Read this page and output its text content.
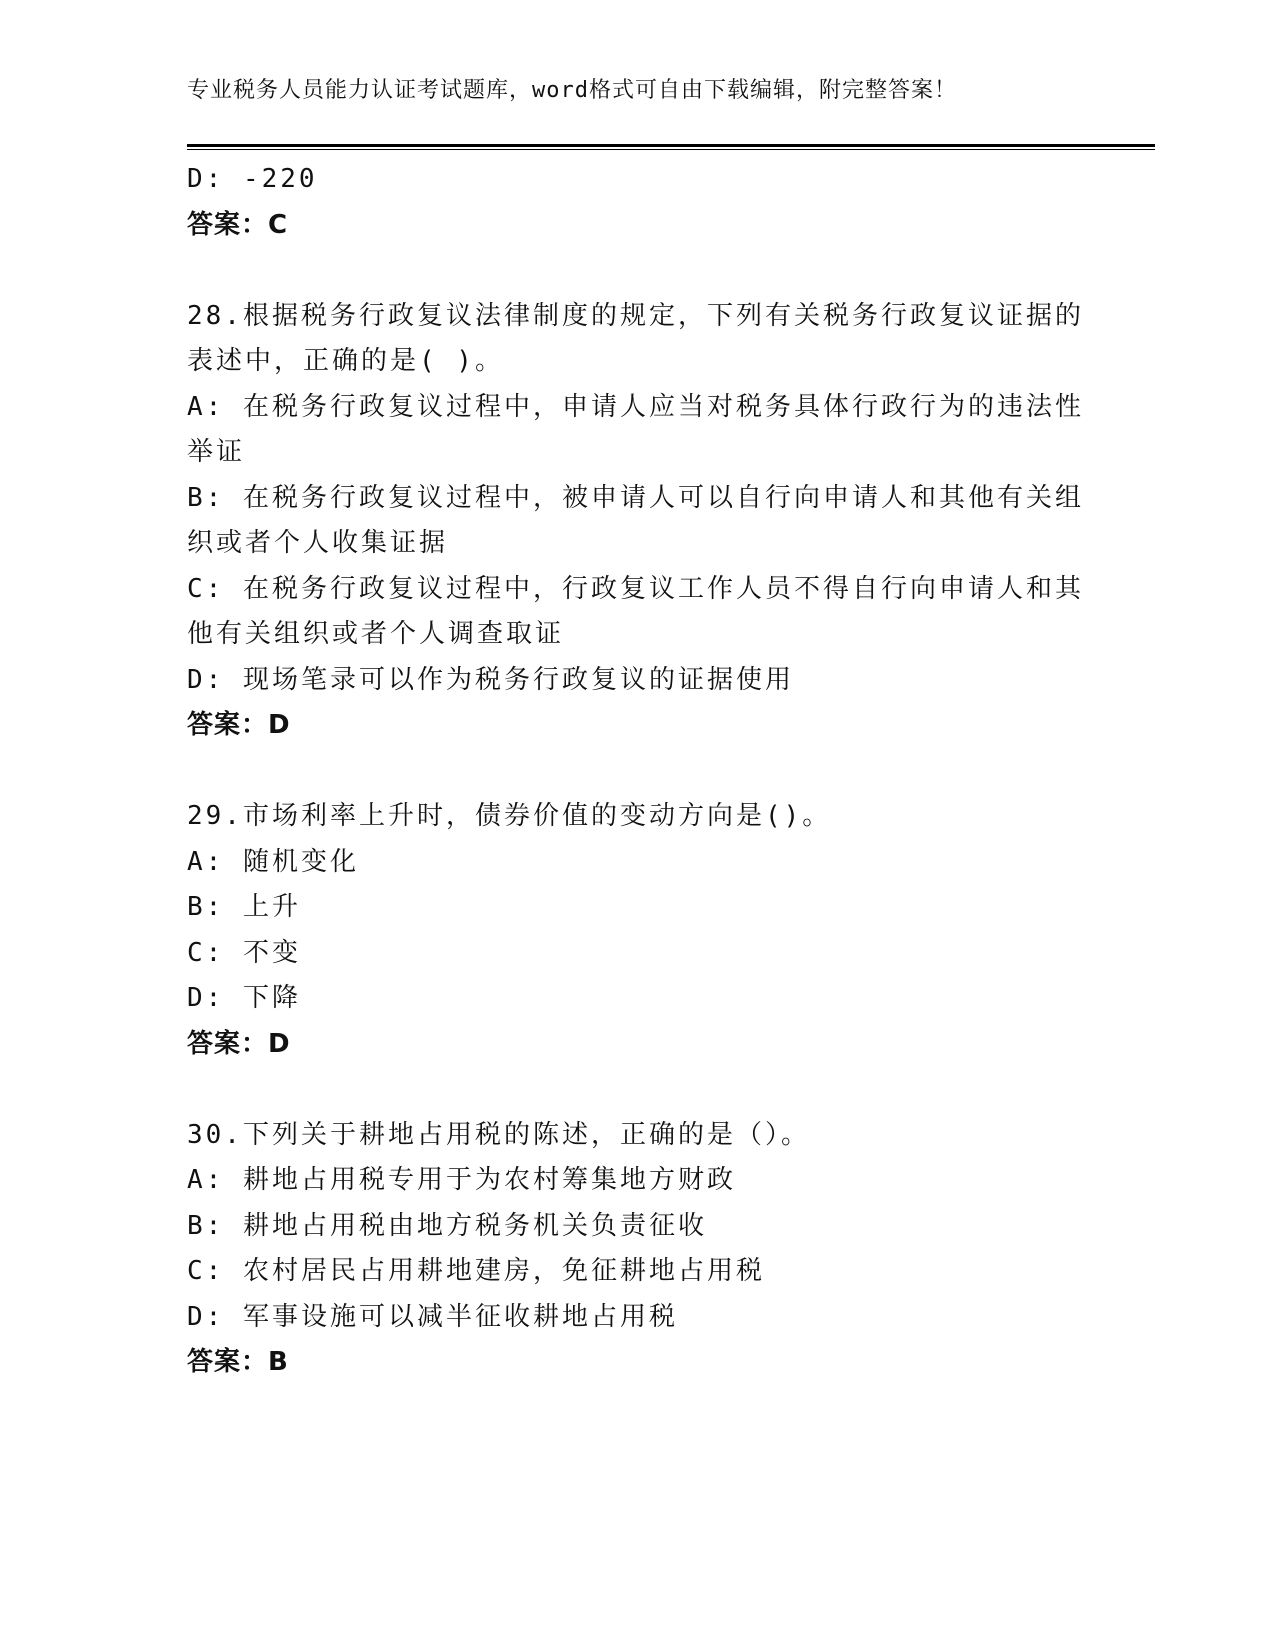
专业税务人员能力认证考试题库，word格式可自由下载编辑，附完整答案！
D: -220
答案：C
28.根据税务行政复议法律制度的规定，下列有关税务行政复议证据的
表述中，正确的是( )。
A: 在税务行政复议过程中，申请人应当对税务具体行政行为的违法性
举证
B: 在税务行政复议过程中，被申请人可以自行向申请人和其他有关组
织或者个人收集证据
C: 在税务行政复议过程中，行政复议工作人员不得自行向申请人和其
他有关组织或者个人调查取证
D: 现场笔录可以作为税务行政复议的证据使用
答案：D
29.市场利率上升时，债券价值的变动方向是()。
A: 随机变化
B: 上升
C: 不变
D: 下降
答案：D
30.下列关于耕地占用税的陈述，正确的是（）。
A: 耕地占用税专用于为农村筹集地方财政
B: 耕地占用税由地方税务机关负责征收
C: 农村居民占用耕地建房，免征耕地占用税
D: 军事设施可以减半征收耕地占用税
答案：B
